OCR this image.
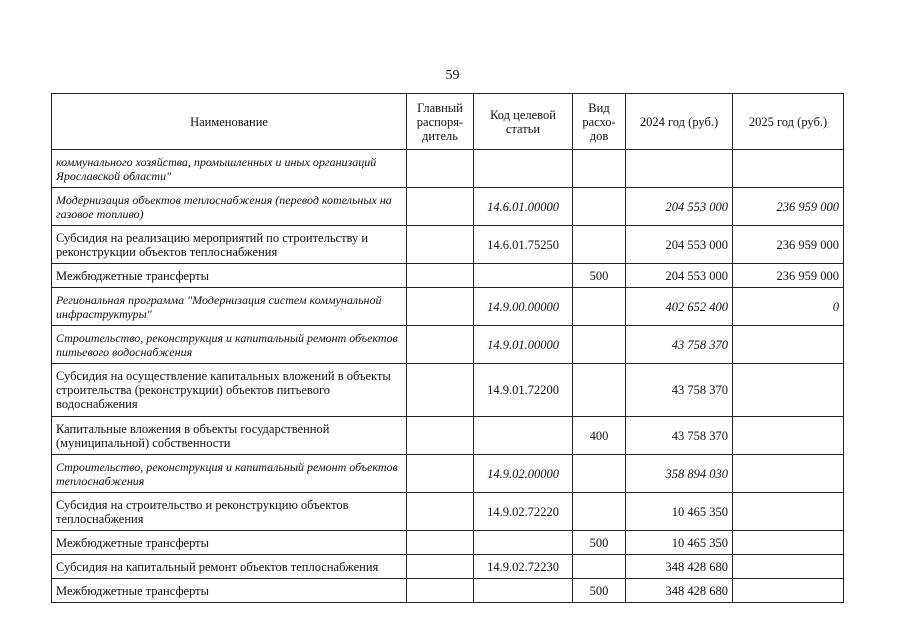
59
Наименование	Главный распоря-дитель	Код целевой статьи	Вид расхо-дов	2024 год (руб.)	2025 год (руб.)
коммунального хозяйства, промышленных и иных организаций Ярославской области"					
Модернизация объектов теплоснабжения (перевод котельных на газовое топливо)		14.6.01.00000		204 553 000	236 959 000
Субсидия на реализацию мероприятий по строительству и реконструкции объектов теплоснабжения		14.6.01.75250		204 553 000	236 959 000
Межбюджетные трансферты			500	204 553 000	236 959 000
Региональная программа "Модернизация систем коммунальной инфраструктуры"		14.9.00.00000		402 652 400	0
Строительство, реконструкция и капитальный ремонт объектов питьевого водоснабжения		14.9.01.00000		43 758 370	
Субсидия на осуществление капитальных вложений в объекты строительства (реконструкции) объектов питьевого водоснабжения		14.9.01.72200		43 758 370	
Капитальные вложения в объекты государственной (муниципальной) собственности			400	43 758 370	
Строительство, реконструкция и капитальный ремонт объектов теплоснабжения		14.9.02.00000		358 894 030	
Субсидия на строительство и реконструкцию объектов теплоснабжения		14.9.02.72220		10 465 350	
Межбюджетные трансферты			500	10 465 350	
Субсидия на капитальный ремонт объектов теплоснабжения		14.9.02.72230		348 428 680	
Межбюджетные трансферты			500	348 428 680	
